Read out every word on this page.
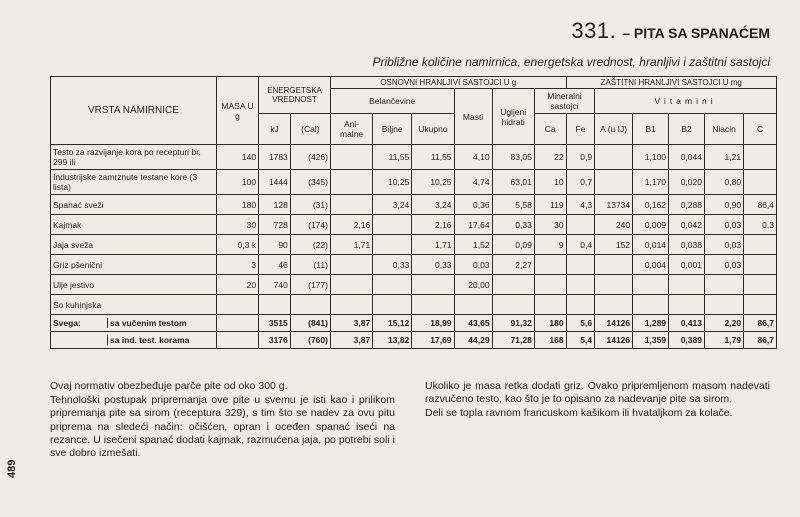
489
331. – PITA SA SPANAĆEM
Približne količine namirnica, energetska vrednost, hranljivi i zaštitni sastojci
VRSTA NAMIRNICE	MASA U g	ENERGETSKA VREDNOST		OSNOVNI HRANLJIVI SASTOJCI U g						ZAŠTITNI HRANLJIVI SASTOJCI U mg					
				Belančevine			Masti	Ugljeni hidrati	Mineralni sastojci		Vitamini				
		kJ	(Cal)	Ani-malne	Biljne	Ukupno			Ca	Fe	A (u IJ)	B1	B2	Niacin	C
Testo za razvijanje kora po recepturi br. 299 ili	140	1783	(426)		11,55	11,55	4,10	83,05	22	0,9		1,100	0,044	1,21	
Industrijske zamrznute testane kore (3 lista)	100	1444	(345)		10,25	10,25	4,74	63,01	10	0,7		1,170	0,020	0,80	
Spanać sveži	180	128	(31)		3,24	3,24	0,36	5,58	119	4,3	13734	0,162	0,288	0,90	86,4
Kajmak	30	728	(174)	2,16		2,16	17,64	0,33	30		240	0,009	0,042	0,03	0,3
Jaja sveža	0,3 k	90	(22)	1,71		1,71	1,52	0,09	9	0,4	152	0,014	0,038	0,03	
Griz pšenični	3	46	(11)		0,33	0,33	0,03	2,27				0,004	0,001	0,03	
Ulje jestivo	20	740	(177)				20,00								
So kuhinjska															

Svega: sa vučenim testom		3515	(841)	3,87	15,12	18,99	43,65	91,32	180	5,6	14126	1,289	0,413	2,20	86,7

sa ind. test. korama		3176	(760)	3,87	13,82	17,69	44,29	71,28	168	5,4	14126	1,359	0,389	1,79	86,7

Ovaj normativ obezbeđuje parče pite od oko 300 g.

Tehnološki postupak pripremanja ove pite u svemu je isti kao i prilikom pripremanja pite sa sirom (receptura 329), s tim što se nadev za ovu pitu priprema na sledeći način: očišćen, opran i oceđen spanać iseći na rezance. U isečeni spanać dodati kajmak, razmućena jaja, po potrebi soli i sve dobro izmešati.

Ukoliko je masa retka dodati griz. Ovako pripremljenom masom nadevati razvučeno testo, kao što je to opisano za nadevanje pite sa sirom.

Deli se topla ravnom francuskom kašikom ili hvataljkom za kolače.
